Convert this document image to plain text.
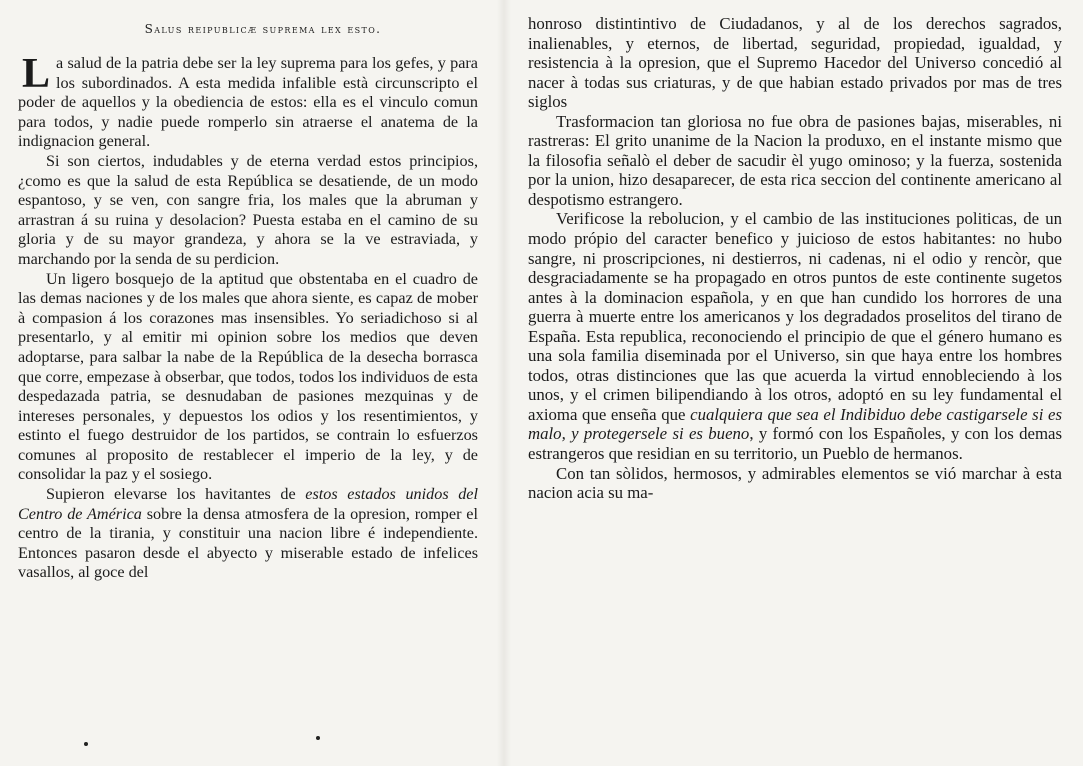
Salus reipublicæ suprema lex esto.

La salud de la patria debe ser la ley suprema para los gefes, y para los subordinados. A esta medida infalible està circunscripto el poder de aquellos y la obediencia de estos: ella es el vinculo comun para todos, y nadie puede romperlo sin atraerse el anatema de la indignacion general.

Si son ciertos, indudables y de eterna verdad estos principios, ¿como es que la salud de esta República se desatiende, de un modo espantoso, y se ven, con sangre fria, los males que la abruman y arrastran á su ruina y desolacion? Puesta estaba en el camino de su gloria y de su mayor grandeza, y ahora se la ve estraviada, y marchando por la senda de su perdicion.

Un ligero bosquejo de la aptitud que obstentaba en el cuadro de las demas naciones y de los males que ahora siente, es capaz de mober à compasion á los corazones mas insensibles. Yo seriadichoso si al presentarlo, y al emitir mi opinion sobre los medios que deven adoptarse, para salbar la nabe de la República de la desecha borrasca que corre, empezase à obserbar, que todos, todos los individuos de esta despedazada patria, se desnudaban de pasiones mezquinas y de intereses personales, y depuestos los odios y los resentimientos, y estinto el fuego destruidor de los partidos, se contrain lo esfuerzos comunes al proposito de restablecer el imperio de la ley, y de consolidar la paz y el sosiego.

Supieron elevarse los havitantes de estos estados unidos del Centro de América sobre la densa atmosfera de la opresion, romper el centro de la tirania, y constituir una nacion libre é independiente. Entonces pasaron desde el abyecto y miserable estado de infelices vasallos, al goce del

honroso distintintivo de Ciudadanos, y al de los derechos sagrados, inalienables, y eternos, de libertad, seguridad, propiedad, igualdad, y resistencia à la opresion, que el Supremo Hacedor del Universo concedió al nacer à todas sus criaturas, y de que habian estado privados por mas de tres siglos

Trasformacion tan gloriosa no fue obra de pasiones bajas, miserables, ni rastreras: El grito unanime de la Nacion la produxo, en el instante mismo que la filosofia señalò el deber de sacudir èl yugo ominoso; y la fuerza, sostenida por la union, hizo desaparecer, de esta rica seccion del continente americano al despotismo estrangero.

Verificose la rebolucion, y el cambio de las instituciones politicas, de un modo própio del caracter benefico y juicioso de estos habitantes: no hubo sangre, ni proscripciones, ni destierros, ni cadenas, ni el odio y rencòr, que desgraciadamente se ha propagado en otros puntos de este continente sugetos antes à la dominacion española, y en que han cundido los horrores de una guerra à muerte entre los americanos y los degradados proselitos del tirano de España. Esta republica, reconociendo el principio de que el género humano es una sola familia diseminada por el Universo, sin que haya entre los hombres todos, otras distinciones que las que acuerda la virtud ennobleciendo à los unos, y el crimen bilipendiando à los otros, adoptó en su ley fundamental el axioma que enseña que cualquiera que sea el Indibiduo debe castigarsele si es malo, y protegersele si es bueno, y formó con los Españoles, y con los demas estrangeros que residian en su territorio, un Pueblo de hermanos.

Con tan sòlidos, hermosos, y admirables elementos se vió marchar à esta nacion acia su ma-
